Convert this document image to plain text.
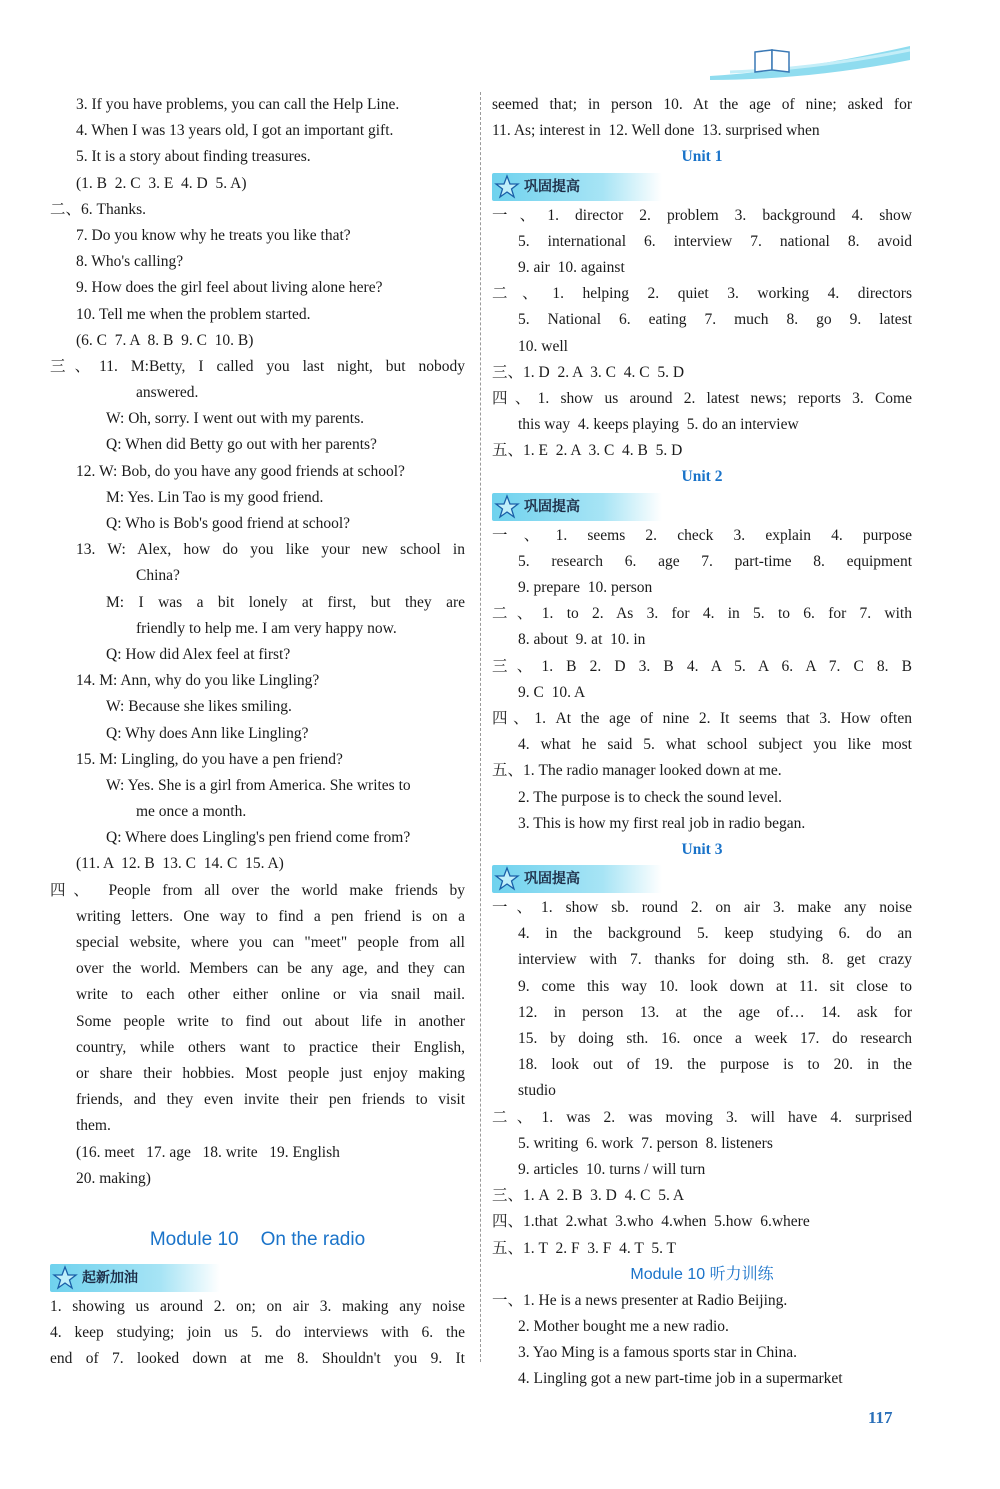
3. If you have problems, you can call the Help Line.
4. When I was 13 years old, I got an important gift.
5. It is a story about finding treasures.
(1. B  2. C  3. E  4. D  5. A)
二、6. Thanks.
7. Do you know why he treats you like that?
8. Who's calling?
9. How does the girl feel about living alone here?
10. Tell me when the problem started.
(6. C  7. A  8. B  9. C  10. B)
三、11. M:Betty, I called you last night, but nobody
answered.
W: Oh, sorry. I went out with my parents.
Q: When did Betty go out with her parents?
12. W: Bob, do you have any good friends at school?
M: Yes. Lin Tao is my good friend.
Q: Who is Bob's good friend at school?
13. W: Alex, how do you like your new school in
China?
M: I was a bit lonely at first, but they are
friendly to help me. I am very happy now.
Q: How did Alex feel at first?
14. M: Ann, why do you like Lingling?
W: Because she likes smiling.
Q: Why does Ann like Lingling?
15. M: Lingling, do you have a pen friend?
W: Yes. She is a girl from America. She writes to
me once a month.
Q: Where does Lingling's pen friend come from?
(11. A  12. B  13. C  14. C  15. A)
四、 People from all over the world make friends by
writing letters. One way to find a pen friend is on a
special website, where you can "meet" people from all
over the world. Members can be any age, and they can
write to each other either online or via snail mail.
Some people write to find out about life in another
country, while others want to practice their English,
or share their hobbies. Most people just enjoy making
friends, and they even invite their pen friends to visit
them.
(16. meet   17. age   18. write   19. English
20. making)
Module 10 On the radio
起新加油
1. showing us around 2. on; on air 3. making any noise
4. keep studying; join us 5. do interviews with 6. the
end of 7. looked down at me 8. Shouldn't you 9. It
seemed that; in person 10. At the age of nine; asked for
11. As; interest in  12. Well done  13. surprised when
Unit 1
巩固提高
一、1. director 2. problem 3. background 4. show
5. international 6. interview 7. national 8. avoid
9. air  10. against
二、1. helping 2. quiet 3. working 4. directors
5. National 6. eating 7. much 8. go 9. latest
10. well
三、1. D  2. A  3. C  4. C  5. D
四、1. show us around 2. latest news; reports 3. Come
this way  4. keeps playing  5. do an interview
五、1. E  2. A  3. C  4. B  5. D
Unit 2
巩固提高
一、1. seems 2. check 3. explain 4. purpose
5. research 6. age 7. part-time 8. equipment
9. prepare  10. person
二、1. to 2. As 3. for 4. in 5. to 6. for 7. with
8. about  9. at  10. in
三、1. B 2. D 3. B 4. A 5. A 6. A 7. C 8. B
9. C  10. A
四、1. At the age of nine 2. It seems that 3. How often
4. what he said 5. what school subject you like most
五、1. The radio manager looked down at me.
2. The purpose is to check the sound level.
3. This is how my first real job in radio began.
Unit 3
巩固提高
一、1. show sb. round 2. on air 3. make any noise
4. in the background 5. keep studying 6. do an
interview with 7. thanks for doing sth. 8. get crazy
9. come this way 10. look down at 11. sit close to
12. in person 13. at the age of… 14. ask for
15. by doing sth. 16. once a week 17. do research
18. look out of 19. the purpose is to 20. in the
studio
二、1. was 2. was moving 3. will have 4. surprised
5. writing  6. work  7. person  8. listeners
9. articles  10. turns / will turn
三、1. A  2. B  3. D  4. C  5. A
四、1.that  2.what  3.who  4.when  5.how  6.where
五、1. T  2. F  3. F  4. T  5. T
Module 10 听力训练
一、1. He is a news presenter at Radio Beijing.
2. Mother bought me a new radio.
3. Yao Ming is a famous sports star in China.
4. Lingling got a new part-time job in a supermarket
117
